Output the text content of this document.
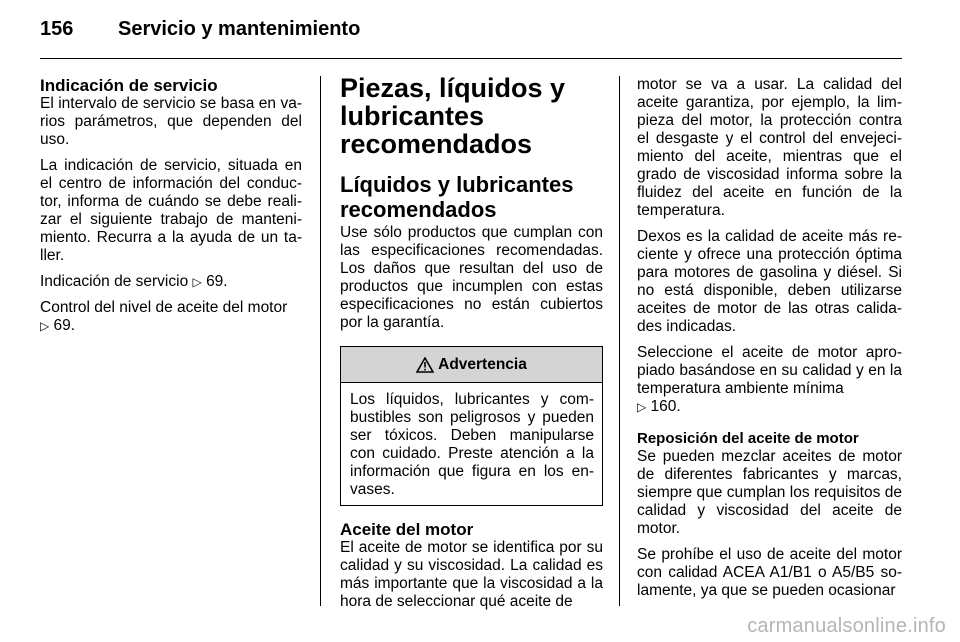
156	Servicio y mantenimiento
Indicación de servicio

El intervalo de servicio se basa en va-rios parámetros, que dependen del uso.

La indicación de servicio, situada en el centro de información del conduc-tor, informa de cuándo se debe reali-zar el siguiente trabajo de manteni-miento. Recurra a la ayuda de un ta-ller.

Indicación de servicio ▷ 69.

Control del nivel de aceite del motor
▷ 69.

Piezas, líquidos y lubricantes recomendados
Líquidos y lubricantes recomendados

Use sólo productos que cumplan con las especificaciones recomendadas. Los daños que resultan del uso de productos que incumplen con estas especificaciones no están cubiertos por la garantía.

Advertencia

Los líquidos, lubricantes y com-bustibles son peligrosos y pueden ser tóxicos. Deben manipularse con cuidado. Preste atención a la información que figura en los en-vases.

Aceite del motor

El aceite de motor se identifica por su calidad y su viscosidad. La calidad es más importante que la viscosidad a la hora de seleccionar qué aceite de

motor se va a usar. La calidad del aceite garantiza, por ejemplo, la lim-pieza del motor, la protección contra el desgaste y el control del envejeci-miento del aceite, mientras que el grado de viscosidad informa sobre la fluidez del aceite en función de la temperatura.

Dexos es la calidad de aceite más re-ciente y ofrece una protección óptima para motores de gasolina y diésel. Si no está disponible, deben utilizarse aceites de motor de las otras calida-des indicadas.

Seleccione el aceite de motor apro-piado basándose en su calidad y en la temperatura ambiente mínima
▷ 160.

Reposición del aceite de motor

Se pueden mezclar aceites de motor de diferentes fabricantes y marcas, siempre que cumplan los requisitos de calidad y viscosidad del aceite de motor.

Se prohíbe el uso de aceite del motor con calidad ACEA A1/B1 o A5/B5 so-lamente, ya que se pueden ocasionar

carmanualsonline.info
